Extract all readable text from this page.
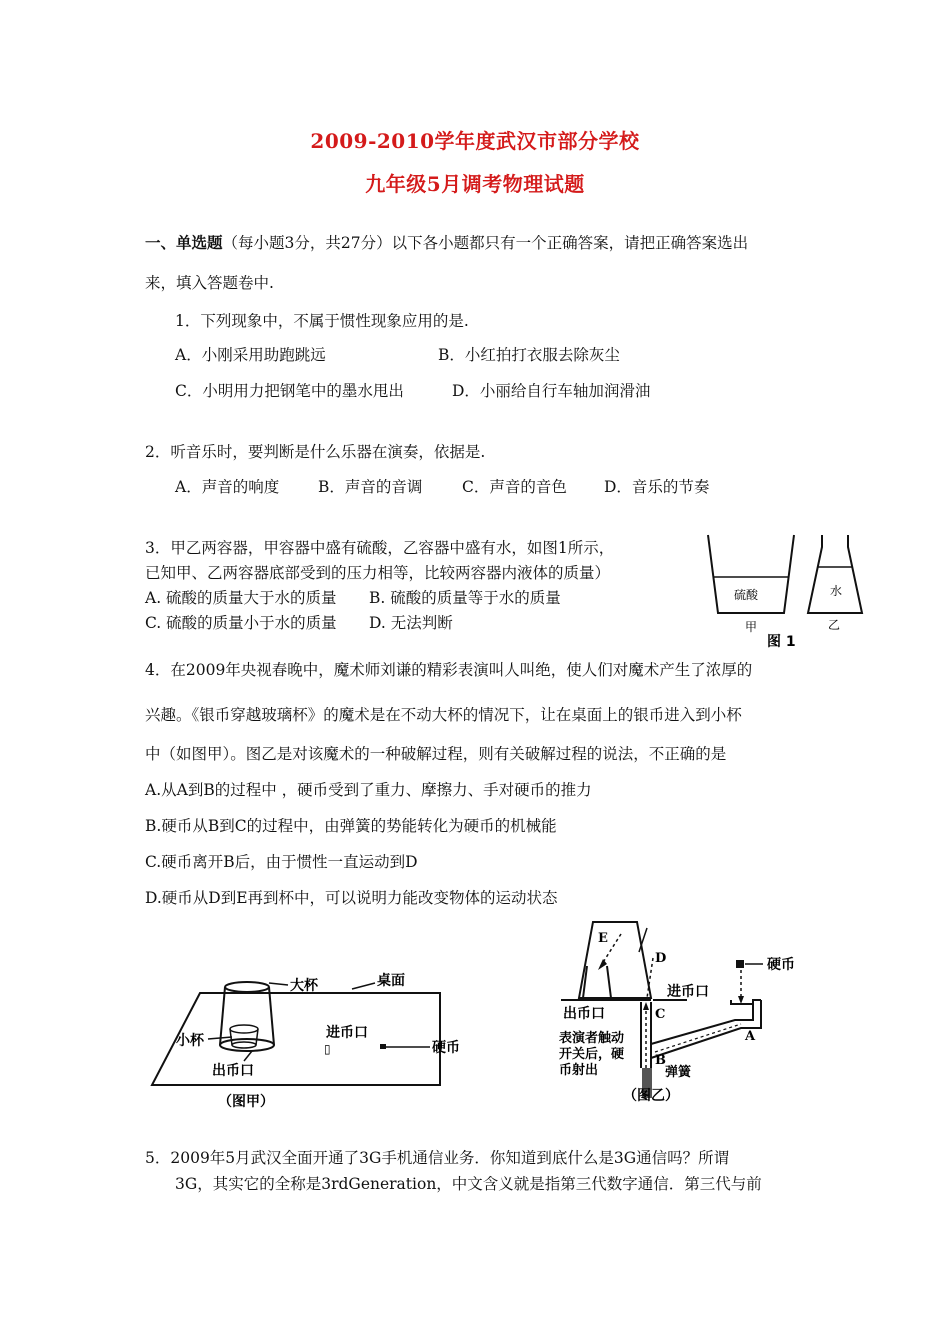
2009-2010学年度武汉市部分学校
九年级5月调考物理试题
一、单选题（每小题3分，共27分）以下各小题都只有一个正确答案，请把正确答案选出
来，填入答题卷中.
1．下列现象中，不属于惯性现象应用的是.
A．小刚采用助跑跳远	B．小红拍打衣服去除灰尘
C．小明用力把钢笔中的墨水甩出	D．小丽给自行车轴加润滑油
2．听音乐时，要判断是什么乐器在演奏，依据是.
A．声音的响度	B．声音的音调	C．声音的音色 D．音乐的节奏
3．甲乙两容器，甲容器中盛有硫酸，乙容器中盛有水，如图1所示，
已知甲、乙两容器底部受到的压力相等，比较两容器内液体的质量）
A. 硫酸的质量大于水的质量 B. 硫酸的质量等于水的质量
C. 硫酸的质量小于水的质量 D. 无法判断
硫酸
甲
水
乙
图 1
4．在2009年央视春晚中，魔术师刘谦的精彩表演叫人叫绝，使人们对魔术产生了浓厚的
兴趣。《银币穿越玻璃杯》的魔术是在不动大杯的情况下，让在桌面上的银币进入到小杯
中（如图甲）。图乙是对该魔术的一种破解过程，则有关破解过程的说法，不正确的是
A.从A到B的过程中 ，硬币受到了重力、摩擦力、手对硬币的推力
B.硬币从B到C的过程中，由弹簧的势能转化为硬币的机械能
C.硬币离开B后，由于惯性一直运动到D
D.硬币从D到E再到杯中，可以说明力能改变物体的运动状态
大杯	桌面
小杯	进币口
▯	硬币
出币口
（图甲）
E
D
出币口	C
进币口
硬币
A
B
弹簧
表演者触动
开关后，硬
币射出
（图乙）
5．2009年5月武汉全面开通了3G手机通信业务．你知道到底什么是3G通信吗？所谓
3G，其实它的全称是3rdGeneration，中文含义就是指第三代数字通信．第三代与前
